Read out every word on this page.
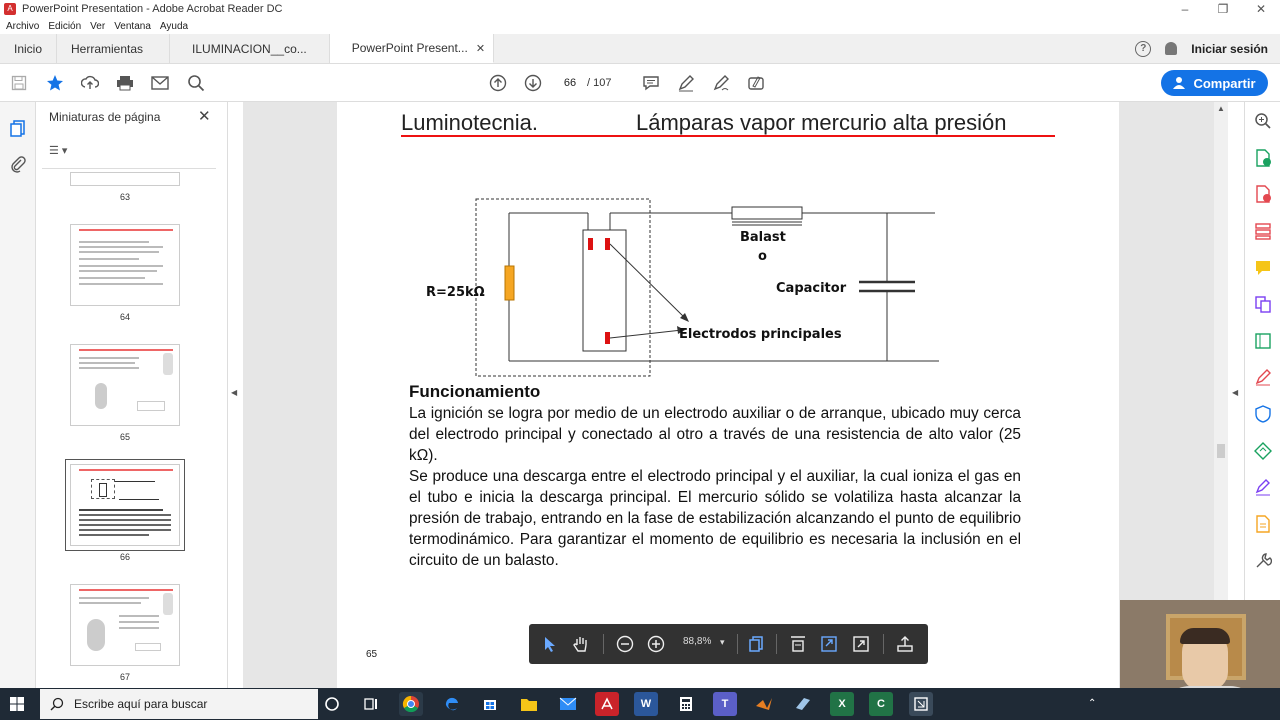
A PowerPoint Presentation - Adobe Acrobat Reader DC	–	❐	✕
Archivo Edición Ver Ventana Ayuda
Inicio Herramientas	ILUMINACION__co...	PowerPoint Present... ✕	?	Iniciar sesión
66 / 107	Compartir
Miniaturas de página	✕
☰ ▾
63
64
65
66
67
◀
Luminotecnia.	Lámparas vapor mercurio alta presión
R=25kΩ
Balast
o
Capacitor
Electrodos principales
Funcionamiento

La ignición se logra por medio de un electrodo auxiliar o de arranque, ubicado muy cerca del electrodo principal y conectado al otro a través de una resistencia de alto valor (25 kΩ).

Se produce una descarga entre el electrodo principal y el auxiliar, la cual ioniza el gas en el tubo e inicia la descarga principal. El mercurio sólido se volatiliza hasta alcanzar la presión de trabajo, entrando en la fase de estabilización alcanzando el punto de equilibrio termodinámico. Para garantizar el momento de equilibrio es necesaria la inclusión en el circuito de un balasto.

65
88,8% ▾
▲
◀
Escribe aquí para buscar	W	T	X	C	⌃
